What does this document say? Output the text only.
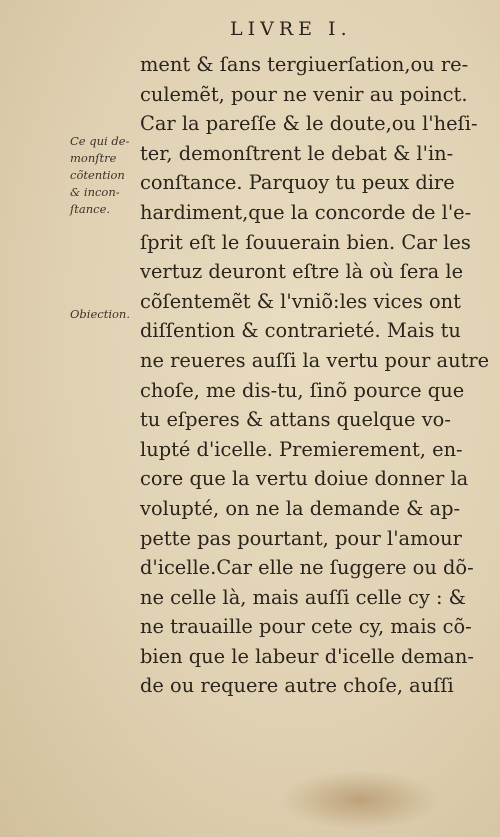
LIVRE I.
Ce qui de-
monſtre
cõtention
& incon-
ſtance.
Obiection.
ment & ſans tergiuerſation,ou re-
culemẽt, pour ne venir au poinct.
Car la pareſſe & le doute,ou l'heſi-
ter, demonſtrent le debat & l'in-
conſtance. Parquoy tu peux dire
hardiment,que la concorde de l'e-
ſprit eſt le ſouuerain bien. Car les
vertuz deuront eſtre là où ſera le
cõſentemẽt & l'vniõ:les vices ont
diſſention & contrarieté. Mais tu
ne reueres auſſi la vertu pour autre
choſe, me dis-tu, ſinõ pource que
tu eſperes & attans quelque vo-
lupté d'icelle. Premierement, en-
core que la vertu doiue donner la
volupté, on ne la demande & ap-
pette pas pourtant, pour l'amour
d'icelle.Car elle ne ſuggere ou dõ-
ne celle là, mais auſſi celle cy : &
ne trauaille pour cete cy, mais cõ-
bien que le labeur d'icelle deman-
de ou requere autre choſe, auſſi
